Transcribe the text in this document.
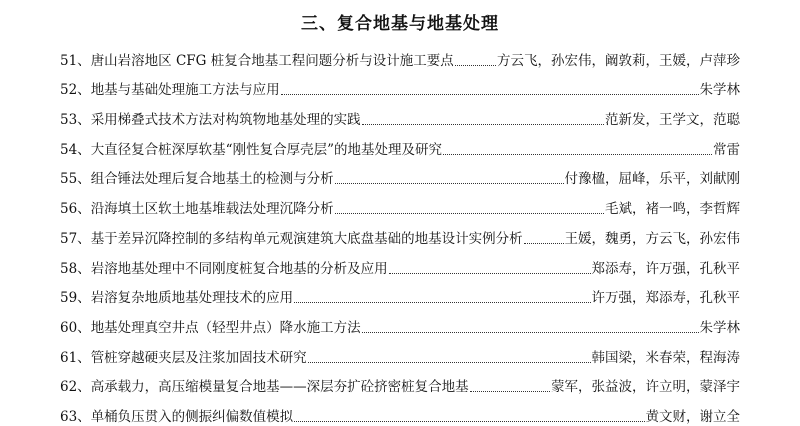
三、复合地基与地基处理
51、 唐山岩溶地区 CFG 桩复合地基工程问题分析与设计施工要点	方云飞，孙宏伟，阚敦莉，王媛，卢萍珍
52、 地基与基础处理施工方法与应用	朱学林
53、 采用梯叠式技术方法对构筑物地基处理的实践	范新发，王学文，范聪
54、 大直径复合桩深厚软基“刚性复合厚壳层”的地基处理及研究	常雷
55、 组合锤法处理后复合地基土的检测与分析	付豫楹，屈峰，乐平，刘献刚
56、 沿海填土区软土地基堆载法处理沉降分析	毛斌，褚一鸣，李哲辉
57、 基于差异沉降控制的多结构单元观演建筑大底盘基础的地基设计实例分析	王媛，魏勇，方云飞，孙宏伟
58、 岩溶地基处理中不同刚度桩复合地基的分析及应用	郑添寿，许万强，孔秋平
59、 岩溶复杂地质地基处理技术的应用	许万强，郑添寿，孔秋平
60、 地基处理真空井点（轻型井点）降水施工方法	朱学林
61、 管桩穿越硬夹层及注浆加固技术研究	韩国梁，米春荣，程海涛
62、 高承载力，高压缩模量复合地基——深层夯扩砼挤密桩复合地基	蒙军，张益波，许立明，蒙泽宇
63、 单桶负压贯入的侧振纠偏数值模拟	黄文财，谢立全
